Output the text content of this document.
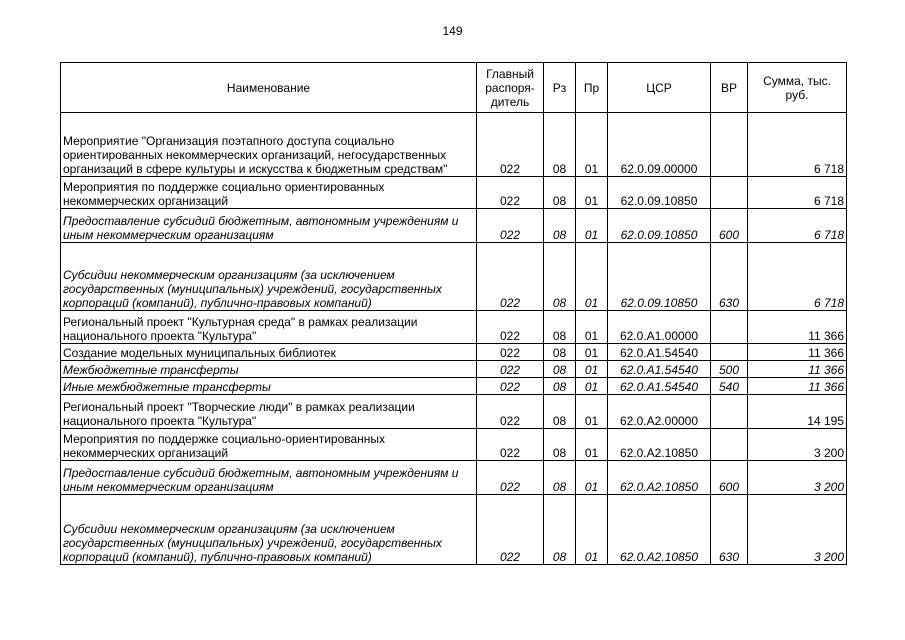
149
Наименование	Главный распоря-дитель	Рз	Пр	ЦСР	ВР	Сумма, тыс. руб.
Мероприятие "Организация поэтапного доступа социально ориентированных некоммерческих организаций, негосударственных организаций в сфере культуры и искусства к бюджетным средствам"	022	08	01	62.0.09.00000		6 718
Мероприятия по поддержке социально ориентированных некоммерческих организаций	022	08	01	62.0.09.10850		6 718
Предоставление субсидий бюджетным, автономным учреждениям и иным некоммерческим организациям	022	08	01	62.0.09.10850	600	6 718
Субсидии некоммерческим организациям (за исключением государственных (муниципальных) учреждений, государственных корпораций (компаний), публично-правовых компаний)	022	08	01	62.0.09.10850	630	6 718
Региональный проект "Культурная среда" в рамках реализации национального проекта "Культура"	022	08	01	62.0.A1.00000		11 366
Создание модельных муниципальных библиотек	022	08	01	62.0.A1.54540		11 366
Межбюджетные трансферты	022	08	01	62.0.A1.54540	500	11 366
Иные межбюджетные трансферты	022	08	01	62.0.A1.54540	540	11 366
Региональный проект "Творческие люди" в рамках реализации национального проекта "Культура"	022	08	01	62.0.A2.00000		14 195
Мероприятия по поддержке социально-ориентированных некоммерческих организаций	022	08	01	62.0.A2.10850		3 200
Предоставление субсидий бюджетным, автономным учреждениям и иным некоммерческим организациям	022	08	01	62.0.A2.10850	600	3 200
Субсидии некоммерческим организациям (за исключением государственных (муниципальных) учреждений, государственных корпораций (компаний), публично-правовых компаний)	022	08	01	62.0.A2.10850	630	3 200
